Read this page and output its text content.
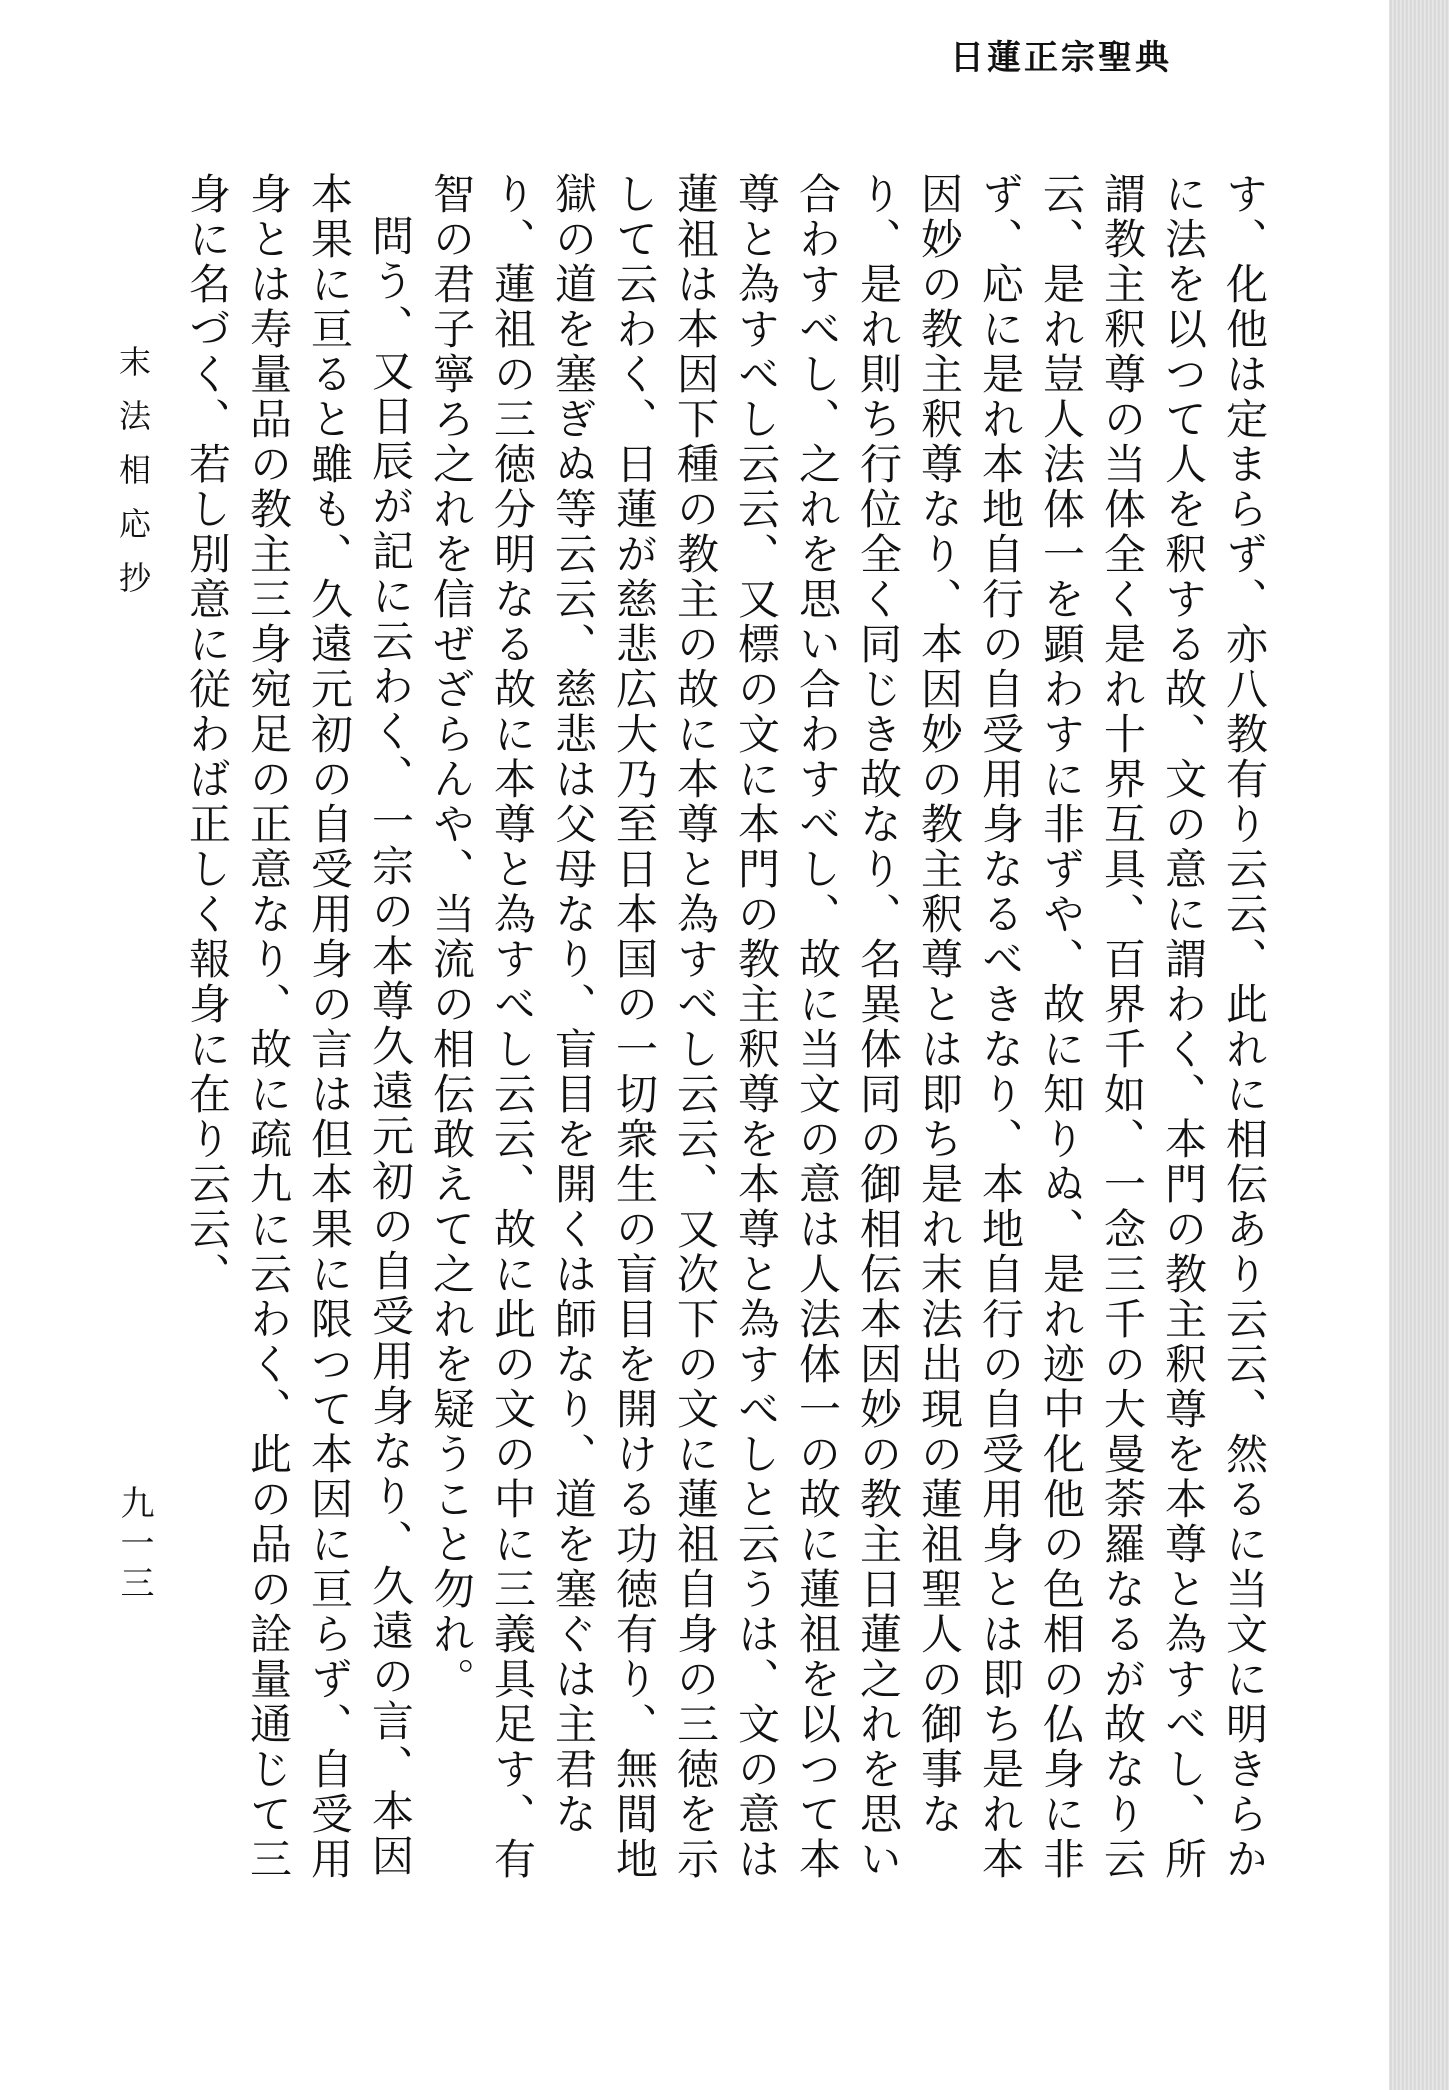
日蓮正宗聖典

す、化他は定まらず、亦八教有り云云、此れに相伝あり云云、然るに当文に明きらかに法を以つて人を釈する故、文の意に謂わく、本門の教主釈尊を本尊と為すべし、所謂教主釈尊の当体全く是れ十界互具、百界千如、一念三千の大曼荼羅なるが故なり云云、是れ豈人法体一を顕わすに非ずや、故に知りぬ、是れ迹中化他の色相の仏身に非ず、応に是れ本地自行の自受用身なるべきなり、本地自行の自受用身とは即ち是れ本因妙の教主釈尊なり、本因妙の教主釈尊とは即ち是れ末法出現の蓮祖聖人の御事なり、是れ則ち行位全く同じき故なり、名異体同の御相伝本因妙の教主日蓮之れを思い合わすべし、之れを思い合わすべし、故に当文の意は人法体一の故に蓮祖を以つて本尊と為すべし云云、又標の文に本門の教主釈尊を本尊と為すべしと云うは、文の意は蓮祖は本因下種の教主の故に本尊と為すべし云云、又次下の文に蓮祖自身の三徳を示して云わく、日蓮が慈悲広大乃至日本国の一切衆生の盲目を開ける功徳有り、無間地獄の道を塞ぎぬ等云云、慈悲は父母なり、盲目を開くは師なり、道を塞ぐは主君なり、蓮祖の三徳分明なる故に本尊と為すべし云云、故に此の文の中に三義具足す、有智の君子寧ろ之れを信ぜざらんや、当流の相伝敢えて之れを疑うこと勿れ。

問う、又日辰が記に云わく、一宗の本尊久遠元初の自受用身なり、久遠の言、本因本果に亘ると雖も、久遠元初の自受用身の言は但本果に限つて本因に亘らず、自受用身とは寿量品の教主三身宛足の正意なり、故に疏九に云わく、此の品の詮量通じて三身に名づく、若し別意に従わば正しく報身に在り云云、

末法相応抄
九一三
